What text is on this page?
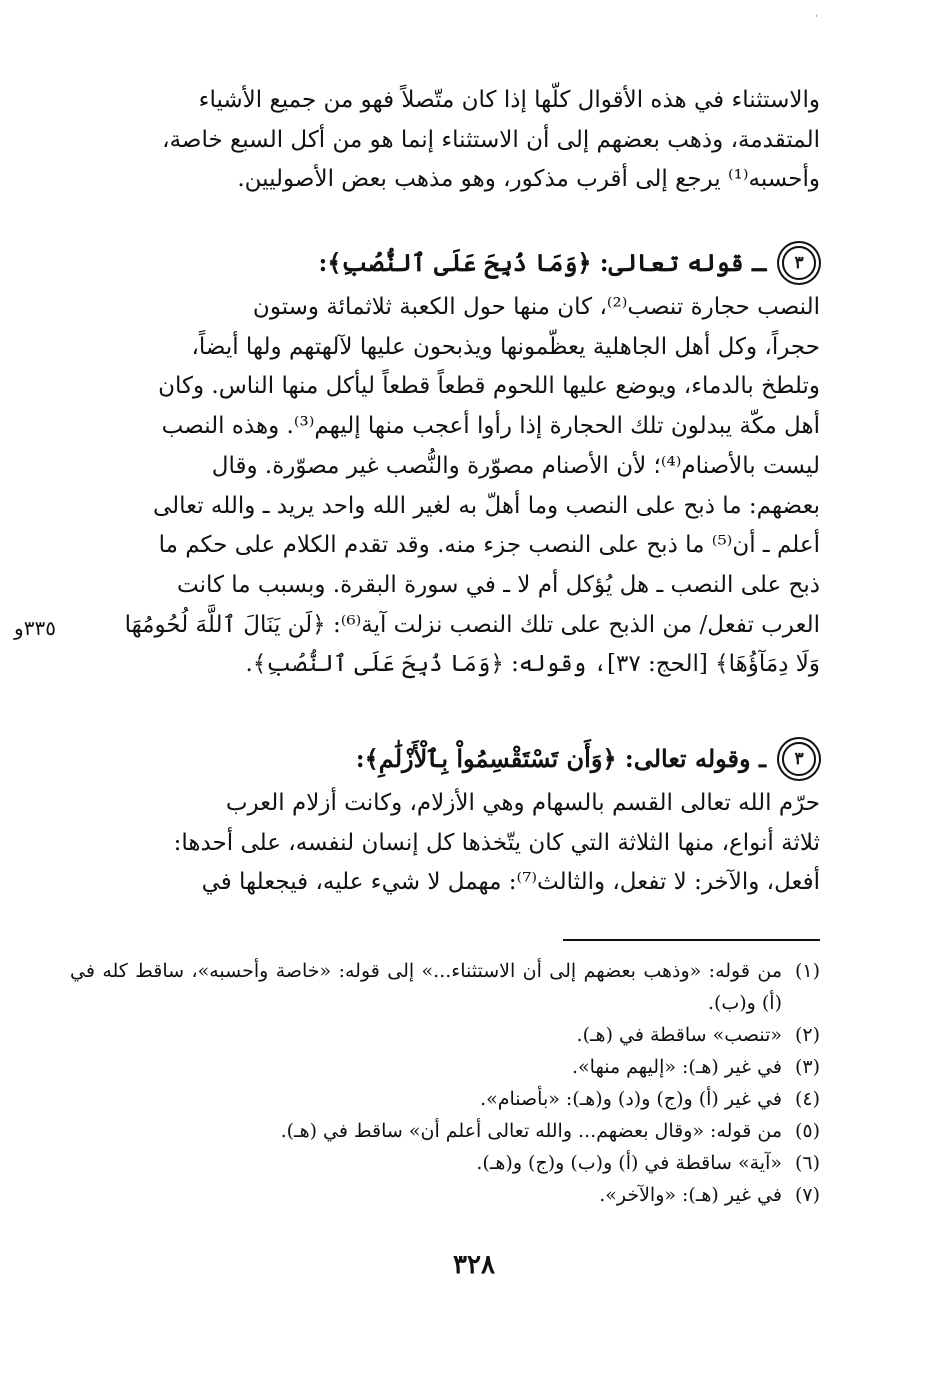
٬

والاستثناء في هذه الأقوال كلّها إذا كان متّصلاً فهو من جميع الأشياء

المتقدمة، وذهب بعضهم إلى أن الاستثناء إنما هو من أكل السبع خاصة،

وأحسبه⁽¹⁾ يرجع إلى أقرب مذكور، وهو مذهب بعض الأصوليين.

٣
ـ قوله تعالى: ﴿وَمَا ذُبِحَ عَلَى ٱلنُّصُبِ﴾:

النصب حجارة تنصب⁽²⁾، كان منها حول الكعبة ثلاثمائة وستون

حجراً، وكل أهل الجاهلية يعظّمونها ويذبحون عليها لآلهتهم ولها أيضاً،

وتلطخ بالدماء، ويوضع عليها اللحوم قطعاً قطعاً ليأكل منها الناس. وكان

أهل مكّة يبدلون تلك الحجارة إذا رأوا أعجب منها إليهم⁽³⁾. وهذه النصب

ليست بالأصنام⁽⁴⁾؛ لأن الأصنام مصوّرة والنُّصب غير مصوّرة. وقال

بعضهم: ما ذبح على النصب وما أهلّ به لغير الله واحد يريد ـ والله تعالى

أعلم ـ أن⁽⁵⁾ ما ذبح على النصب جزء منه. وقد تقدم الكلام على حكم ما

ذبح على النصب ـ هل يُؤكل أم لا ـ في سورة البقرة. وبسبب ما كانت

العرب تفعل/ من الذبح على تلك النصب نزلت آية⁽⁶⁾: ﴿لَن يَنَالَ ٱللَّهَ لُحُومُهَا

وَلَا دِمَآؤُهَا﴾ [الحج: ٣٧]، وقوله: ﴿وَمَا ذُبِحَ عَلَى ٱلنُّصُبِ﴾.

٣٣٥و
٣
ـ وقوله تعالى: ﴿وَأَن تَسْتَقْسِمُواْ بِٱلْأَزْلَٰمِ﴾:

حرّم الله تعالى القسم بالسهام وهي الأزلام، وكانت أزلام العرب

ثلاثة أنواع، منها الثلاثة التي كان يتّخذها كل إنسان لنفسه، على أحدها:

أفعل، والآخر: لا تفعل، والثالث⁽⁷⁾: مهمل لا شيء عليه، فيجعلها في

(١)
من قوله: «وذهب بعضهم إلى أن الاستثناء...» إلى قوله: «خاصة وأحسبه»، ساقط كله في (أ) و(ب).
(٢)
«تنصب» ساقطة في (هـ).
(٣)
في غير (هـ): «إليهم منها».
(٤)
في غير (أ) و(ج) و(د) و(هـ): «بأصنام».
(٥)
من قوله: «وقال بعضهم... والله تعالى أعلم أن» ساقط في (هـ).
(٦)
«آية» ساقطة في (أ) و(ب) و(ج) و(هـ).
(٧)
في غير (هـ): «والآخر».
٣٢٨
